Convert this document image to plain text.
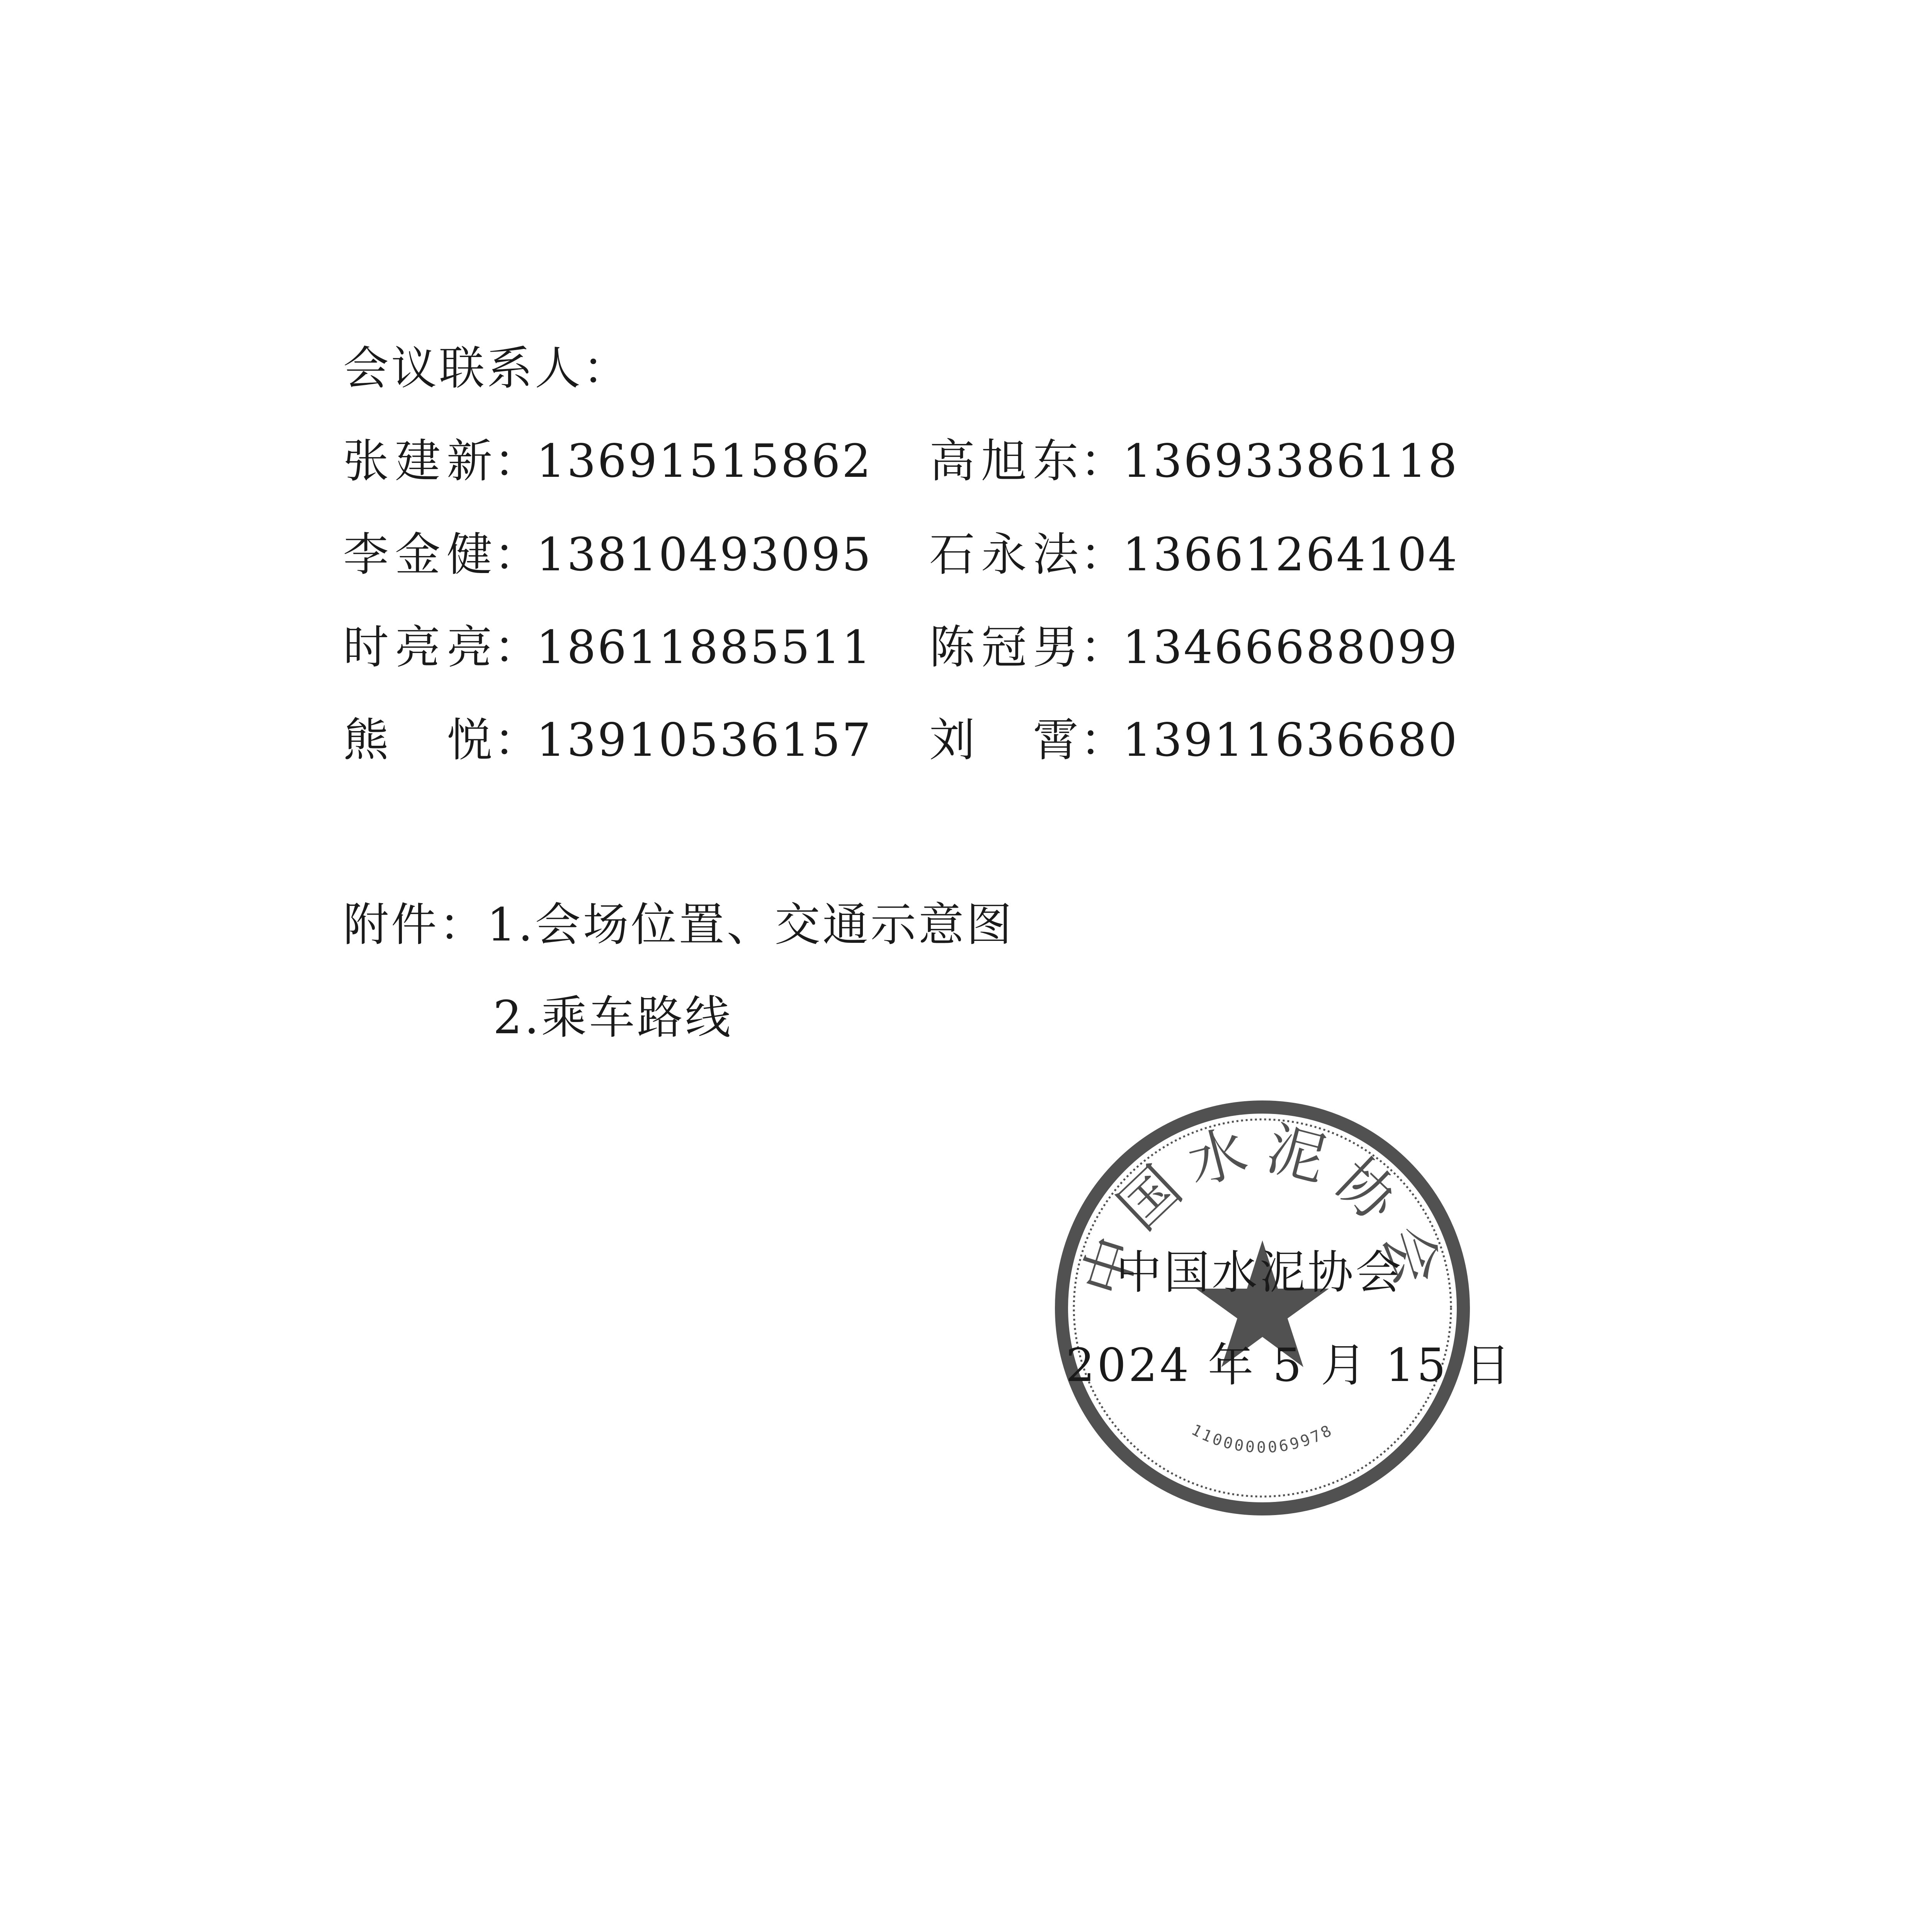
会议联系人：
张建新：13691515862 高旭东：13693386118
李金健：13810493095 石永法：13661264104
时亮亮：18611885511 陈冠男：13466688099
熊悦：13910536157 刘霄：13911636680
附件：1.会场位置、交通示意图
2.乘车路线
中国水泥协会
1100000069978
中国水泥协会
2024 年 5 月 15 日
